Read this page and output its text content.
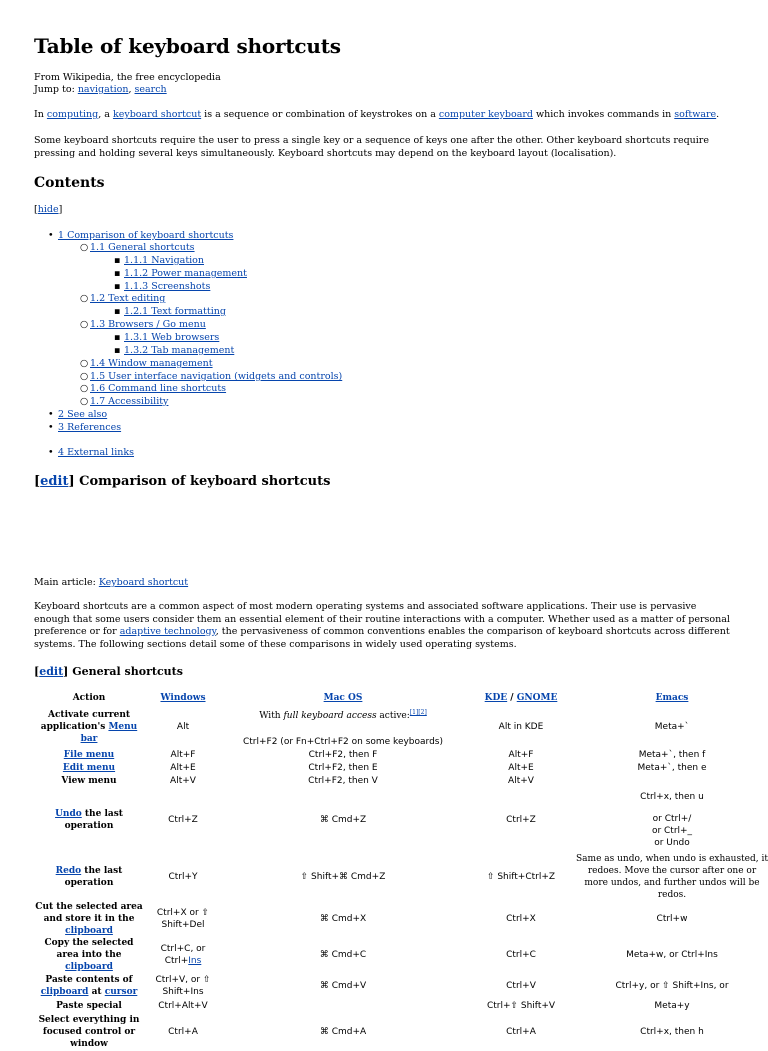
Table of keyboard shortcuts
From Wikipedia, the free encyclopedia
Jump to: navigation, search
In computing, a keyboard shortcut is a sequence or combination of keystrokes on a computer keyboard which invokes commands in software.
Some keyboard shortcuts require the user to press a single key or a sequence of keys one after the other. Other keyboard shortcuts require pressing and holding several keys simultaneously. Keyboard shortcuts may depend on the keyboard layout (localisation).
Contents
[hide]
• 1 Comparison of keyboard shortcuts
○ 1.1 General shortcuts
▪ 1.1.1 Navigation
▪ 1.1.2 Power management
▪ 1.1.3 Screenshots
○ 1.2 Text editing
▪ 1.2.1 Text formatting
○ 1.3 Browsers / Go menu
▪ 1.3.1 Web browsers
▪ 1.3.2 Tab management
○ 1.4 Window management
○ 1.5 User interface navigation (widgets and controls)
○ 1.6 Command line shortcuts
○ 1.7 Accessibility
• 2 See also
• 3 References
• 4 External links
[edit] Comparison of keyboard shortcuts
Main article: Keyboard shortcut
Keyboard shortcuts are a common aspect of most modern operating systems and associated software applications. Their use is pervasive enough that some users consider them an essential element of their routine interactions with a computer. Whether used as a matter of personal preference or for adaptive technology, the pervasiveness of common conventions enables the comparison of keyboard shortcuts across different systems. The following sections detail some of these comparisons in widely used operating systems.
[edit] General shortcuts
Action	Windows	Mac OS	KDE / GNOME	Emacs
Activate current application's Menu bar	Alt	With full keyboard access active:[1][2]
Ctrl+F2 (or Fn+Ctrl+F2 on some keyboards)	Alt in KDE	Meta+`
File menu	Alt+F	Ctrl+F2, then F	Alt+F	Meta+`, then f
Edit menu	Alt+E	Ctrl+F2, then E	Alt+E	Meta+`, then e
View menu	Alt+V	Ctrl+F2, then V	Alt+V	
Undo the last operation	Ctrl+Z	⌘ Cmd+Z	Ctrl+Z	Ctrl+x, then u
or Ctrl+/
or Ctrl+_
or Undo

Redo the last operation	Ctrl+Y	⇧ Shift+⌘ Cmd+Z	⇧ Shift+Ctrl+Z	Same as undo, when undo is exhausted, it redoes. Move the cursor after one or more undos, and further undos will be redos.
Cut the selected area and store it in the clipboard	Ctrl+X or ⇧ Shift+Del	⌘ Cmd+X	Ctrl+X	Ctrl+w
Copy the selected area into the clipboard	Ctrl+C, or Ctrl+Ins	⌘ Cmd+C	Ctrl+C	Meta+w, or Ctrl+Ins
Paste contents of clipboard at cursor	Ctrl+V, or ⇧ Shift+Ins	⌘ Cmd+V	Ctrl+V	Ctrl+y, or ⇧ Shift+Ins, or
Paste special	Ctrl+Alt+V		Ctrl+⇧ Shift+V	Meta+y
Select everything in focused control or window	Ctrl+A	⌘ Cmd+A	Ctrl+A	Ctrl+x, then h
